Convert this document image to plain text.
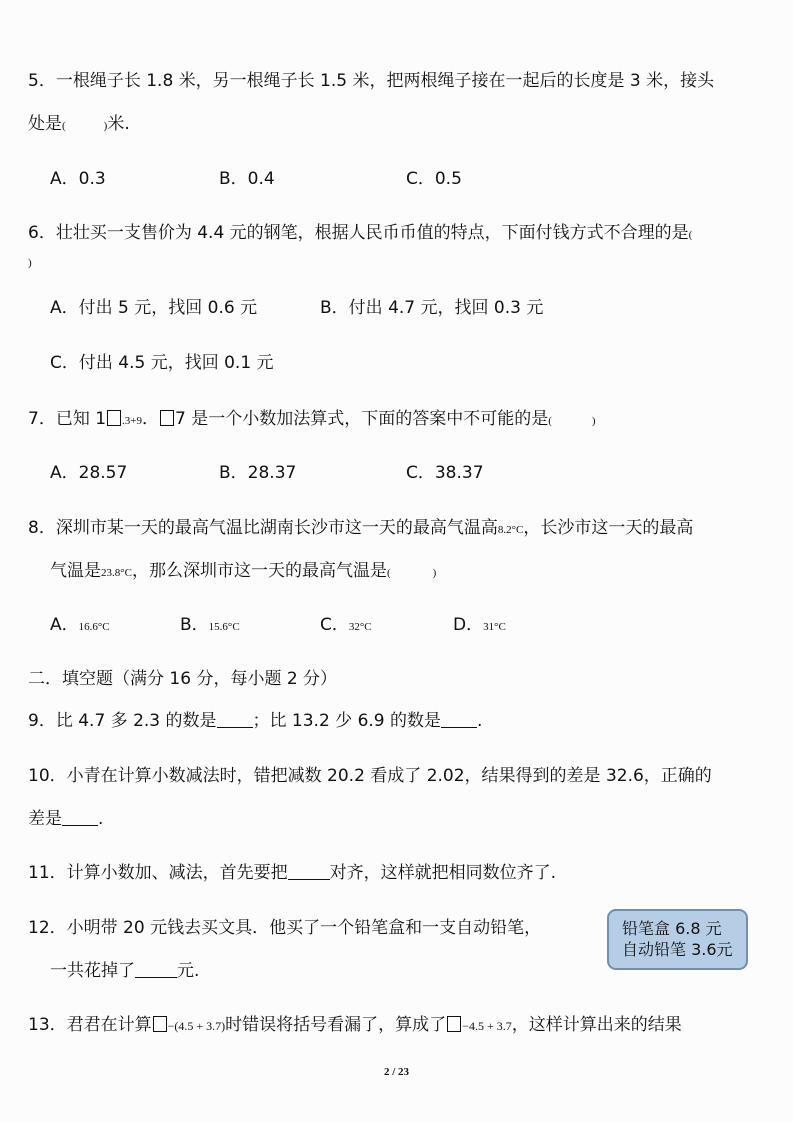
5．一根绳子长 1.8 米，另一根绳子长 1.5 米，把两根绳子接在一起后的长度是 3 米，接头
处是(	)米.
A．0.3	B．0.4	C．0.5
6．壮壮买一支售价为 4.4 元的钢笔，根据人民币币值的特点，下面付钱方式不合理的是(
)
A．付出 5 元，找回 0.6 元	B．付出 4.7 元，找回 0.3 元
C．付出 4.5 元，找回 0.1 元
7．已知 1 .3+9． 7 是一个小数加法算式，下面的答案中不可能的是(	)
A．28.57	B．28.37	C．38.37
8．深圳市某一天的最高气温比湖南长沙市这一天的最高气温高8.2°C，长沙市这一天的最高
气温是23.8°C，那么深圳市这一天的最高气温是(	)
A．16.6°C	B．15.6°C	C．32°C	D．31°C
二．填空题（满分 16 分，每小题 2 分）
9．比 4.7 多 2.3 的数是 ；比 13.2 少 6.9 的数是 .
10．小青在计算小数减法时，错把减数 20.2 看成了 2.02，结果得到的差是 32.6，正确的
差是 .
11．计算小数加、减法，首先要把 对齐，这样就把相同数位齐了.
12．小明带 20 元钱去买文具．他买了一个铅笔盒和一支自动铅笔，
一共花掉了 元.
铅笔盒 6.8 元
自动铅笔 3.6元
13．君君在计算 −(4.5 + 3.7)时错误将括号看漏了，算成了 −4.5 + 3.7，这样计算出来的结果
2 / 23
